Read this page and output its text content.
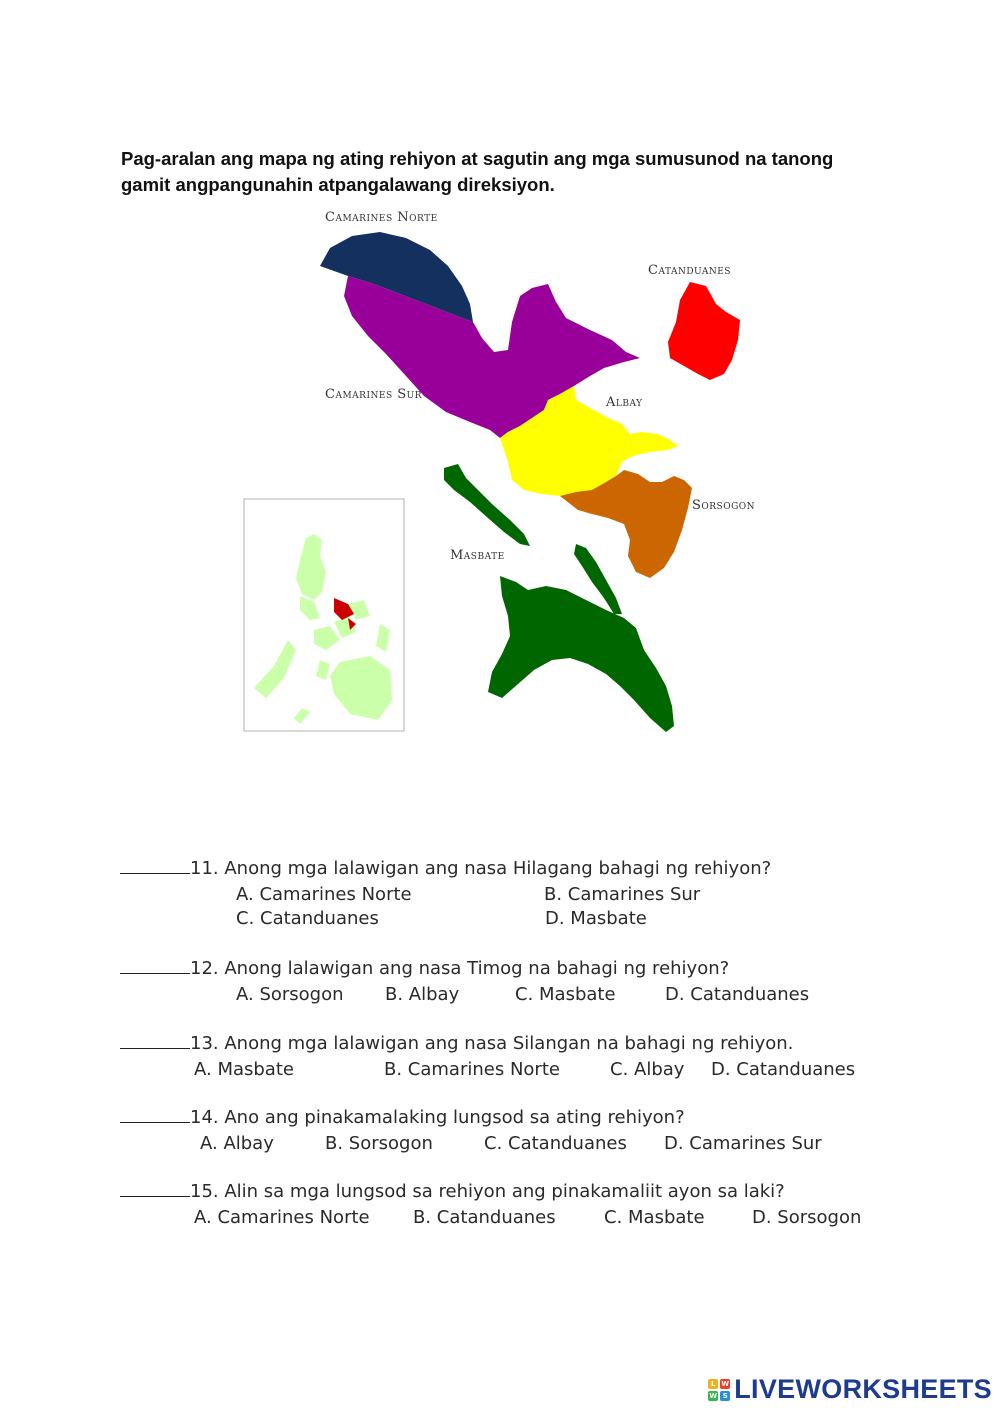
Pag-aralan ang mapa ng ating rehiyon at sagutin ang mga sumusunod na tanong gamit angpangunahin atpangalawang direksiyon.
Camarines Norte
Catanduanes
Camarines Sur
Albay
Sorsogon
Masbate
11. Anong mga lalawigan ang nasa Hilagang bahagi ng rehiyon?
A. Camarines Norte	B. Camarines Sur
C. Catanduanes	D. Masbate
12. Anong lalawigan ang nasa Timog na bahagi ng rehiyon?
A. Sorsogon B. Albay	C. Masbate	D. Catanduanes
13. Anong mga lalawigan ang nasa Silangan na bahagi ng rehiyon.
A. Masbate	B. Camarines Norte	C. Albay D. Catanduanes
14. Ano ang pinakamalaking lungsod sa ating rehiyon?
A. Albay	B. Sorsogon	C. Catanduanes D. Camarines Sur
15. Alin sa mga lungsod sa rehiyon ang pinakamaliit ayon sa laki?
A. Camarines Norte B. Catanduanes	C. Masbate	D. Sorsogon
L W
W S LIVEWORKSHEETS
